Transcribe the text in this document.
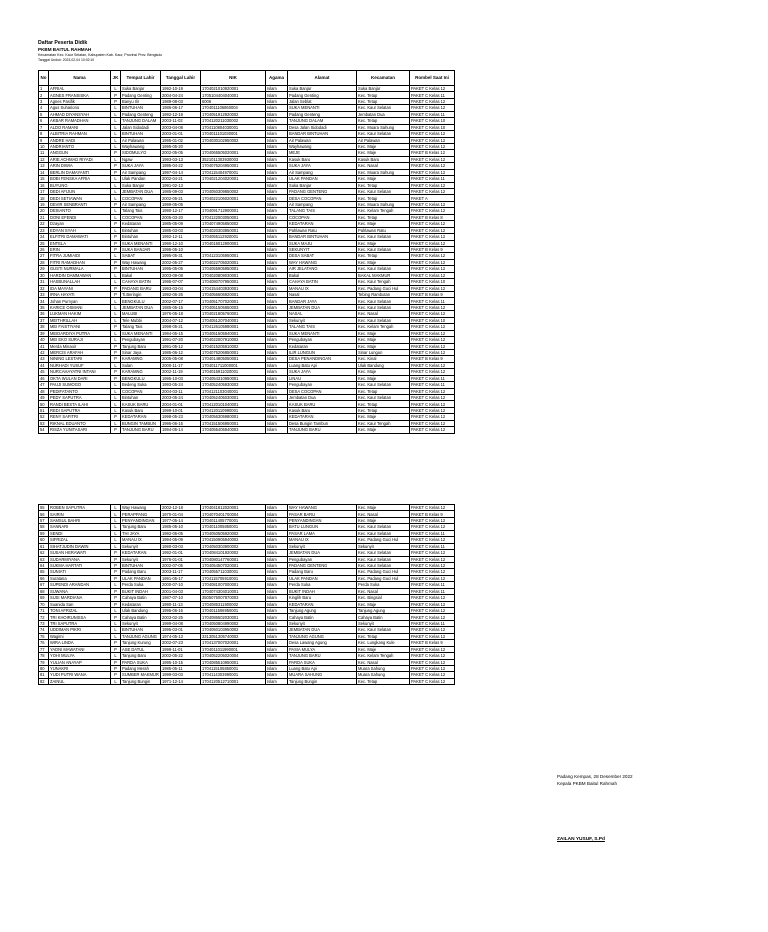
Daftar Peserta Didik
PKBM BAITUL RAHMAH
Kecamatan Kec. Kaur Selatan, Kabupaten Kab. Kaur, Provinsi Prov. Bengkulu
Tanggal Unduh: 2023-02-04 10:02:10
No	Nama	JK	Tempat Lahir	Tanggal Lahir	NIK	Agama	Alamat	Kecamatan	Rombel Saat Ini
1	AFRIAL	L	Suka Banjar	1992-10-19	1704021010920001	Islam	Suka Banjar	Suka Banjar	PAKET C Kelas 12
2	AGNES FRANSISKA	P	Padang Genting	2004-04-24	1705104404040001	Islam	Padang Genting	Kec. Tetap	PAKET C Kelas 11
3	Agnes Pasifik	P	Banyu Ilir	1989-08-03	6006	Islam	Jalan Seblat	Kec. Tetap	PAKET C Kelas 12
4	Agus Suhariono	L	BINTUHAN	1986-06-17	1704011106860004	Islam	SUKA MENANTI	Kec. Kaur Selatan	PAKET C Kelas 12
5	AHMAD DIYANSYAH	L	Padang Genteng	1992-12-19	1704051912920002	Islam	Padang Genteng	Jembatan Dua	PAKET C Kelas 11
6	AKBAR RAMADHAN	L	TANJUNG DALAM	2003-11-02	1704120211030002	Islam	TANJUNG DALAM	Kec. Tetap	PAKET C Kelas 10
7	ALDO RAMANI	L	Jalan Sidodadi	2003-04-08	1704110804030001	Islam	Desa Jalan Sidodadi	Kec. Muara Sahung	PAKET C Kelas 10
8	ALBITRIA RAHMAN	L	BINTUHAN	2003-01-01	1704011101030001	Islam	BANDAR BINTUHAN	Kec. Kaur Selatan	PAKET C Kelas 12
9	ANDRE HADI	L	Air Palawan	1995-01-02	1704030102950002	Islam	Air Palawan	Air Palawan	PAKET C Kelas 12
10	ANDRIANTO	L	Wayhawang	1995-05-20		Islam	Wayhawang	Kec. Maje	PAKET C Kelas 12
11	ANGGUN	P	SIDOMULYO	2002-05-05	1704065505020001	Islam	MEJE	Kec. Maje	PAKET B Kelas 12
12	ARIE ACHMAD RIYADI	L	Ngaw	1993-03-13	3521011303930003	Islam	Kasuk Baru	Kasuk Baru	PAKET C Kelas 12
13	ARIN DIWIA	P	SUKA JAYA	1995-04-22	1704076204950001	Islam	SUKA JAYA	Kec. Nasal	PAKET C Kelas 12
14	BERLIN DAMAYANTI	P	Air Sampang	1997-04-14	1704115404970001	Islam	Air Sampang	Kec. Muara Sahung	PAKET C Kelas 12
15	BOBI FENSKA AFRIA	L	Ulak Pandan	2002-04-21	1704021204020001	Islam	ULAK PANDAN	Kec. Maje	PAKET C Kelas 11
16	BUYUNG	L	Suka Banjar	1991-02-13		Islam	Suka Banjar	Kec. Tetap	PAKET C Kelas 12
17	DEDI AFIJUN	L	JEMBATAN DUA	1985-09-03	1704050309850002	Islam	PADANG GENTENG	Kec. Kaur Selatan	PAKET C Kelas 12
18	DEDI SETIAWAN	L	COCOPAN	2002-06-21	1704022106020001	Islam	DESA COCOPAN	Kec. Tetap	PAKET A
19	DEVIR SENBRANTI	P	Air Sampang	1999-05-05		Islam	Air Sampang	Kec. Muara Sahung	PAKET C Kelas 12
20	DESIANTO	L	Talang Tais	1990-12-17	1704091712900001	Islam	TALANG TAIS	Kec. Kelam Tengah	PAKET C Kelas 12
21	DONI EFENDI	L	COCOPAN	2005-03-20	1704122003050001	Islam	COCOPAN	Kec. Tetap	PAKET B Kelas 8
22	Dzayan	P	Kedataran	1985-05-09	1704074905850002	Islam	KEDATARAN	Kec. Maje	PAKET C Kelas 12
23	EDYAN SYAH	L	Bintuhan	1985-03-03	1704020303850001	Islam	Pahlawan Ratu	Pahlawan Ratu	PAKET C Kelas 12
24	ELFITRI DAMAWATI	P	Bintuhan	1992-12-11	1704055112920001	Islam	BANDAR BINTUHAN	Kec. Kaur Selatan	PAKET C Kelas 12
25	ENTELA	P	SUKA MENANTI	1990-12-10	1704015012900001	Islam	SUKA MAJU	Kec. Maje	PAKET C Kelas 12
26	ERIN	P	SUKA BANJAR	1995-05-10		Islam	SEKUNYIT	Kec. Kaur Selatan	PAKET B Kelas 9
27	FITRA JUMIAIDI	L	SABAT	1995-05-31	1704123105950001	Islam	DESA SABAT	Kec. Tetap	PAKET C Kelas 12
28	FITRI RAMADHAN	P	Way Hawang	2002-05-27	1704022705020001	Islam	WAY HAWANG	Kec. Maje	PAKET C Kelas 12
29	GUSTI NURMALA	P	BINTUHAN	1995-05-05	1704055905950001	Islam	AIR JELATANG	Kec. Kaur Selatan	PAKET C Kelas 12
30	HARDIN DAMMAWAN	L	Bakal	2003-09-08	1704020809030001	Islam	Bakal	BAKAL MAKMUR	PAKET C Kelas 12
31	HASBUNALLAH	L	CAHAYA BATIN	1995-07-07	1704080707950001	Islam	CAHAYA BATIN	Kec. Kaur Tengah	PAKET C Kelas 10
32	IDA MAYANI	P	PADANG BARU	1993-03-04	1704154403930001	Islam	MANAU IX	Kec. Padang Guci Hul	PAKET C Kelas 12
33	IRNA HAYATI	P	Ti.Beringin	1992-06-26	1704056606920001	Islam	Nasal	Tebing Rambutan	PAKET B Kelas 9
34	Johan Purnyan	L	BENGKULU	2002-07-17	1704051707020001	Islam	BANDAR JAYA	Kec. Kaur Selatan	PAKET C Kelas 11
35	KARICE OSMANI	L	JEMBATAN DUA	1985-05-15	1704051505850003	Islam	JEMBATAN DUA	Kec. Kaur Selatan	PAKET C Kelas 12
36	LUKMAN HAKIM	L	MALUBI	1976-05-18	1704021805760001	Islam	NASAL	Kec. Nasal	PAKET C Kelas 12
37	MEITHRILLAH	L	Tele Mubbi	2004-07-12	1704051207040001	Islam	Sekunyit	Kec. Kaur Selatan	PAKET C Kelas 10
38	MEI FAISTIYANI	P	Talang Tais	1998-05-21	1704126105980001	Islam	TALANG TAIS	Kec. Kelam Tengah	PAKET C Kelas 12
39	MEIDARDIYA PUTRA	L	SUKA MENANTI	1994-05-15	1704051505940001	Islam	SUKA MENANTI	Kec. Maje	PAKET C Kelas 12
40	MEI EKO SURAJI	L	Pengubayan	1991-07-20	1704022007910002	Islam	Pengubayan	Kec. Maje	PAKET C Kelas 12
41	Merda Minaoir	P	Tanjung Baru	1991-05-12	1704015205910002	Islam	Kedataran	Kec. Maje	PAKET C Kelas 12
42	MERCIS ARAFAH	P	Sinar Jaya	1985-06-12	1704075206850001	Islam	ILIR LUNGUN	Sinar Lungun	PAKET C Kelas 12
43	NINING LESTARI	P	KARAMNG	2005-05-08	1704014805050001	Islam	DESA PENANDINGAN	Kec. Kinal	PAKET B Kelas 9
44	NURHADI YUSUF	L	Sulan	2000-11-17	1704011711000001	Islam	Luang Batu Api	Ulak Bandung	PAKET C Kelas 12
45	NURCAHAYATNI INTANI	P	KARAMNG	2002-11-19	1704015911020001	Islam	SUKA JAYA	Kec. Maje	PAKET C Kelas 12
46	OKTA WULAN DARI	P	BENGKULU	1995-10-03	1704054310950001	Islam	LINAU	Kec. Maje	PAKET C Kelas 11
47	PAUJI SUMOGO	L	Bedeng Suka	1993-05-24	1704052405930003	Islam	Pengubayan	Kec. Kaur Selatan	PAKET C Kelas 11
48	PEDIFATANTO	L	COCOPAN	2004-03-11	1704121103040001	Islam	DESA COCOPAN	Kec. Tetap	PAKET C Kelas 12
49	PEDY SAPUTRA	L	Bintuhan	2003-05-24	1704052405030001	Islam	Jembatan Dua	Kec. Kaur Selatan	PAKET C Kelas 12
50	RANDI BESTA ILAHI	L	KASUK BARU	2004-01-01	1704120101040001	Islam	KASUK BARU	Kec. Tetap	PAKET C Kelas 12
51	REDI SAPUTRA	L	Kasuk Baru	1999-10-01	1704120110990001	Islam	Kasuk Baru	Kec. Tetap	PAKET C Kelas 12
52	RENY SAFITRI	P	KEDATARAN	1998-05-23	1704056305980001	Islam	KEDATARAN	Kec. Maje	PAKET C Kelas 12
53	RIKNAL EDUANTO	L	BUNGIN TAMBUN	1995-06-15	1704151506950001	Islam	Desa Bungin Tambun	Kec. Kaur Tengah	PAKET C Kelas 12
54	RISZA YUNITASARI	P	TANJUNG BARU	1994-05-14	1704055405940003	Islam	TANJUNG BARU	Kec. Maje	PAKET C Kelas 12
55	ROBEN SAPUTRA	L	Way Hawang	2002-12-18	1704041812020001	Islam	WAY HAWANG	Kec. Maje	PAKET C Kelas 12
56	SAIRIN	L	PERAPPANG	1970-01-04	1704070401700004	Islam	PASAR BARU	Kec. Nasal	PAKET B Kelas 9
57	SAMSUL BAHRI	L	PENYANDINGAN	1977-05-14	1704011405770001	Islam	PENYANDINGAN	Kec. Maje	PAKET C Kelas 12
58	SANNARI	L	Tanjung Baru	1985-05-10	1704011005850001	Islam	BATU LUNGUN	Kec. Kaur Selatan	PAKET C Kelas 12
59	SENDI	L	THI JAYA	1992-05-05	1704050505920002	Islam	PASAR LAMA	Kec. Kaur Selatan	PAKET C Kelas 11
60	SIFRIZAL	L	MANAU IX	1994-05-09	1704150905940002	Islam	MANAU IX	Kec. Padang Guci Hul	PAKET C Kelas 12
61	SIHATJUDIN DAWIN	L	Sekunyit	1990-03-03	1704050303900002	Islam	Sekunyit	Sekunyit	PAKET C Kelas 11
62	SUSAN HERAWATI	P	KEDATARAN	1992-01-01	1704084101920002	Islam	JEMBATAN DUA	Kec. Kaur Selatan	PAKET C Kelas 12
63	SUDARMIYANA	P	Sekunyit	1976-01-01	1704080147760001	Islam	Pengubayan	Kec. Kaur Selatan	PAKET C Kelas 12
64	SUKMA HARTATI	P	BINTUHAN	2002-07-05	1704054507020001	Islam	PADANG GENTENG	Kec. Kaur Selatan	PAKET C Kelas 12
65	SUNIATI	P	Padang Baru	2003-11-17	1704055711030001	Islam	Padang Baru	Kec. Padang Guci Hul	PAKET C Kelas 12
66	Suratana	P	ULAK PANDAN	1991-05-17	1704115705910001	Islam	ULAK PANDAN	Kec. Padang Guci Hul	PAKET C Kelas 12
67	SUPENDI ARANDAN	L	Perda Suka	2000-07-10	1704081007000001	Islam	Perda Suka	Perda Suka	PAKET C Kelas 11
68	SUWANA	P	BUKIT INDAH	2001-04-03	1704074304010001	Islam	BUKIT INDAH	Kec. Nasal	PAKET C Kelas 11
69	SUSI MARDIANA	P	Cahaya Batin	1987-07-10	3505075007870003	Islam	Kinglih Baru	Kec. Bingsial	PAKET C Kelas 12
70	Suanida San	P	Kedataran	1990-11-13	1704085311900002	Islam	KEDATARAN	Kec. Maje	PAKET C Kelas 12
71	TONI AFRIZAL	L	Ulak Bandung	1995-06-15	1704011506950001	Islam	Tanjung Agung	Tanjung Agung	PAKET C Kelas 12
72	TRI KHOIRUNISSA	P	Cahaya Batin	2003-02-25	1704086502030001	Islam	Cahaya Batin	Cahaya Batin	PAKET C Kelas 12
73	TRI SAPUTRA	L	Sekunyit	1999-04-08	1704050804990002	Islam	Sekunyit	Sekunyit	PAKET C Kelas 11
74	UDDIMAN PIKRI	L	BINTUHAN	1995-03-01	1704050103950002	Islam	JEMBATAN DUA	Kec. Kaur Selatan	PAKET C Kelas 12
75	Wagimi	L	TANJUNG AGUNG	1974-05-13	3313051305740002	Islam	TANJUNG AGUNG	Kec. Tetap	PAKET C Kelas 12
76	WIRA LINDA	P	Tanjung Kurung	2002-07-23	1704137007020001	Islam	Desa Lawang Agung	Kec. Lungkang Kule	PAKET B Kelas 9
77	YADNI MAWATANI	P	ASE DATUL	1999-11-01	1704011011990001	Islam	PASIA MULYA	Kec. Maje	PAKET C Kelas 12
78	YOHI MULYA	L	Tanjung Baru	2002-05-22	1704052205020004	Islam	TANJUNG BARU	Kec. Kelam Tengah	PAKET C Kelas 12
79	YULIAN ANAYAP	P	PARDA SUKA	1995-10-15	1704085510950001	Islam	PARDA SUKA	Kec. Nasal	PAKET C Kelas 12
80	YUNAKRI	P	Padang Merah	1985-05-11	1704115105850001	Islam	Luang Batu Api	Muara Sahung	PAKET C Kelas 12
81	YUDI PUTRI WANA	P	SUMBER MAKMUR	1999-03-03	1704114303990001	Islam	MUARA SAHUNG	Muara Sahung	PAKET C Kelas 12
82	ZAINUL	L	Tanjung Bungin	1971-12-14	1704120512710001	Islam	Tanjung Bungin	Kec. Tetap	PAKET C Kelas 12
Padang Kempas, 28 Desember 2022
Kepala PKBM Baitul Rahmah
ZAILAN YUSUF, S.Pd
